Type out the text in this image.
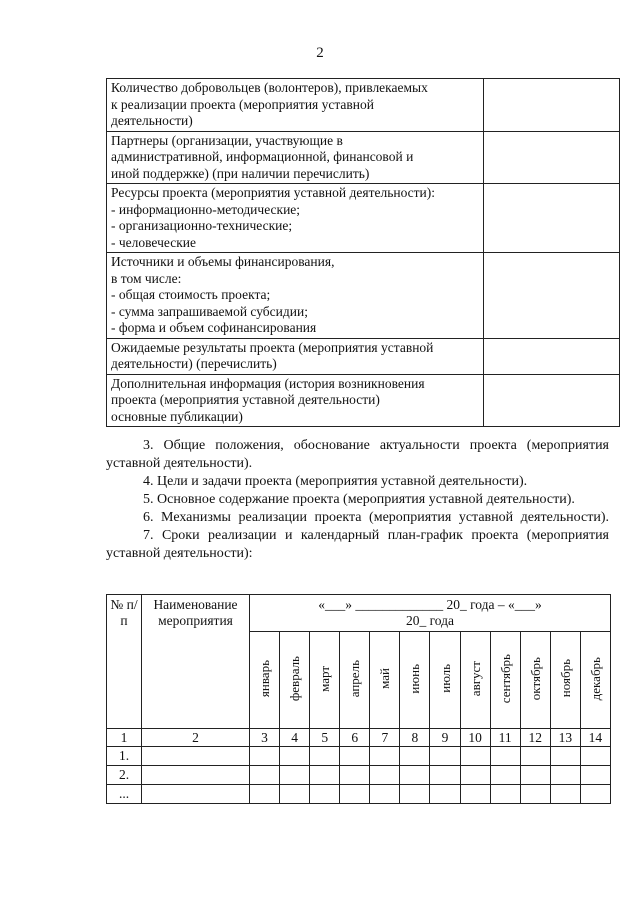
2
Количество добровольцев (волонтеров), привлекаемых
к реализации проекта (мероприятия уставной
деятельности)	

Партнеры (организации, участвующие в
административной, информационной, финансовой и
иной поддержке) (при наличии перечислить)	

Ресурсы проекта (мероприятия уставной деятельности):
- информационно-методические;
- организационно-технические;
- человеческие	

Источники и объемы финансирования,
в том числе:
- общая стоимость проекта;
- сумма запрашиваемой субсидии;
- форма и объем софинансирования	

Ожидаемые результаты проекта (мероприятия уставной
деятельности) (перечислить)	

Дополнительная информация (история возникновения
проекта (мероприятия уставной деятельности)
основные публикации)	

3. Общие положения, обоснование актуальности проекта (мероприятия уставной деятельности).

4. Цели и задачи проекта (мероприятия уставной деятельности).

5. Основное содержание проекта (мероприятия уставной деятельности).

6. Механизмы реализации проекта (мероприятия уставной деятельности).

7. Сроки реализации и календарный план-график проекта (мероприятия уставной деятельности):

№ п/п	Наименование мероприятия	«___» _____________ 20_ года – «___»
20_ года											

		январь	февраль	март	апрель	май	июнь	июль	август	сентябрь	октябрь	ноябрь	декабрь
1	2	3	4	5	6	7	8	9	10	11	12	13	14
1.													
2.													
...													
